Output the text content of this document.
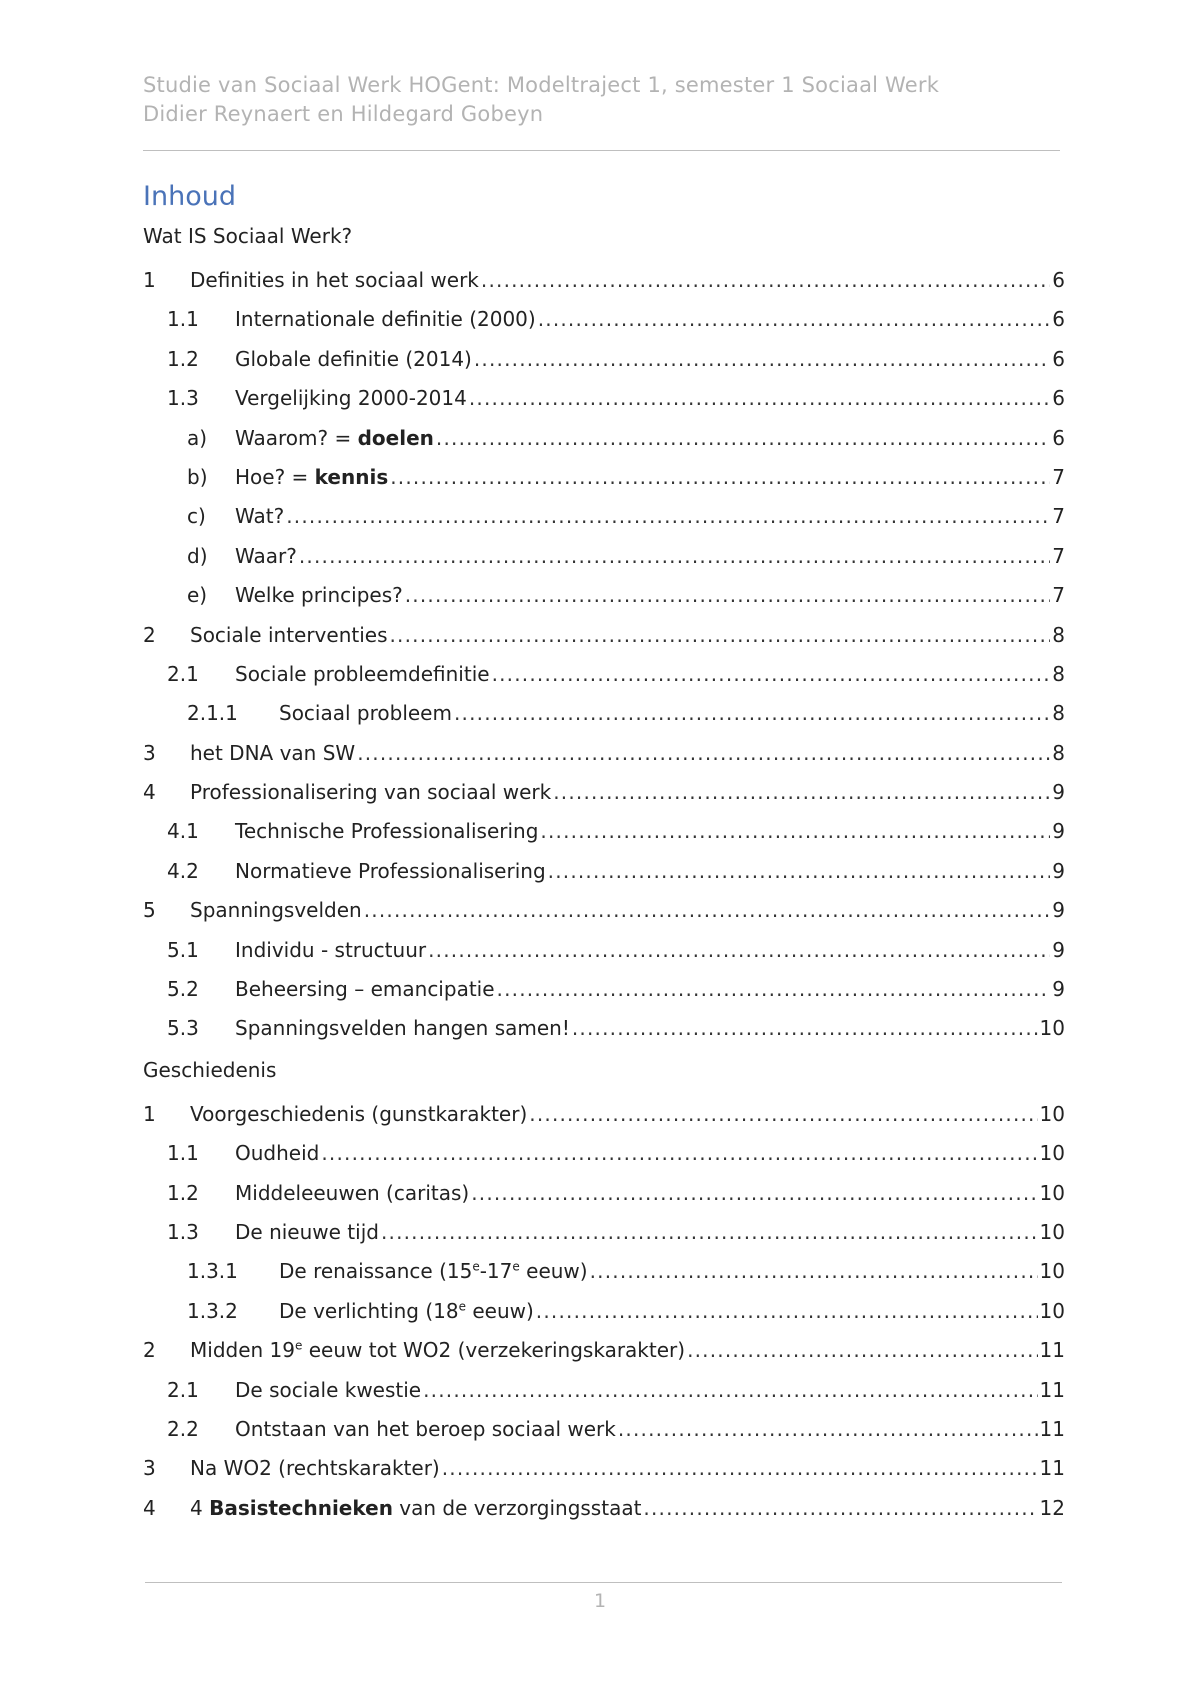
Studie van Sociaal Werk HOGent: Modeltraject 1, semester 1 Sociaal Werk
Didier Reynaert en Hildegard Gobeyn
Inhoud
Wat IS Sociaal Werk?
1	Definities in het sociaal werk .....	6
1.1	Internationale definitie (2000) .....	6
1.2	Globale definitie (2014) .....	6
1.3	Vergelijking 2000-2014 .....	6
a)	Waarom? = doelen .....	6
b)	Hoe? = kennis .....	7
c)	Wat? .....	7
d)	Waar? .....	7
e)	Welke principes? .....	7
2	Sociale interventies .....	8
2.1	Sociale probleemdefinitie .....	8
2.1.1	Sociaal probleem .....	8
3	het DNA van SW .....	8
4	Professionalisering van sociaal werk .....	9
4.1	Technische Professionalisering .....	9
4.2	Normatieve Professionalisering .....	9
5	Spanningsvelden .....	9
5.1	Individu - structuur .....	9
5.2	Beheersing – emancipatie .....	9
5.3	Spanningsvelden hangen samen! .....	10
Geschiedenis
1	Voorgeschiedenis (gunstkarakter) .....	10
1.1	Oudheid .....	10
1.2	Middeleeuwen (caritas) .....	10
1.3	De nieuwe tijd .....	10
1.3.1	De renaissance (15e-17e eeuw) .....	10
1.3.2	De verlichting (18e eeuw) .....	10
2	Midden 19e eeuw tot WO2 (verzekeringskarakter) .....	11
2.1	De sociale kwestie .....	11
2.2	Ontstaan van het beroep sociaal werk .....	11
3	Na WO2 (rechtskarakter) .....	11
4	4 Basistechnieken van de verzorgingsstaat .....	12
1
